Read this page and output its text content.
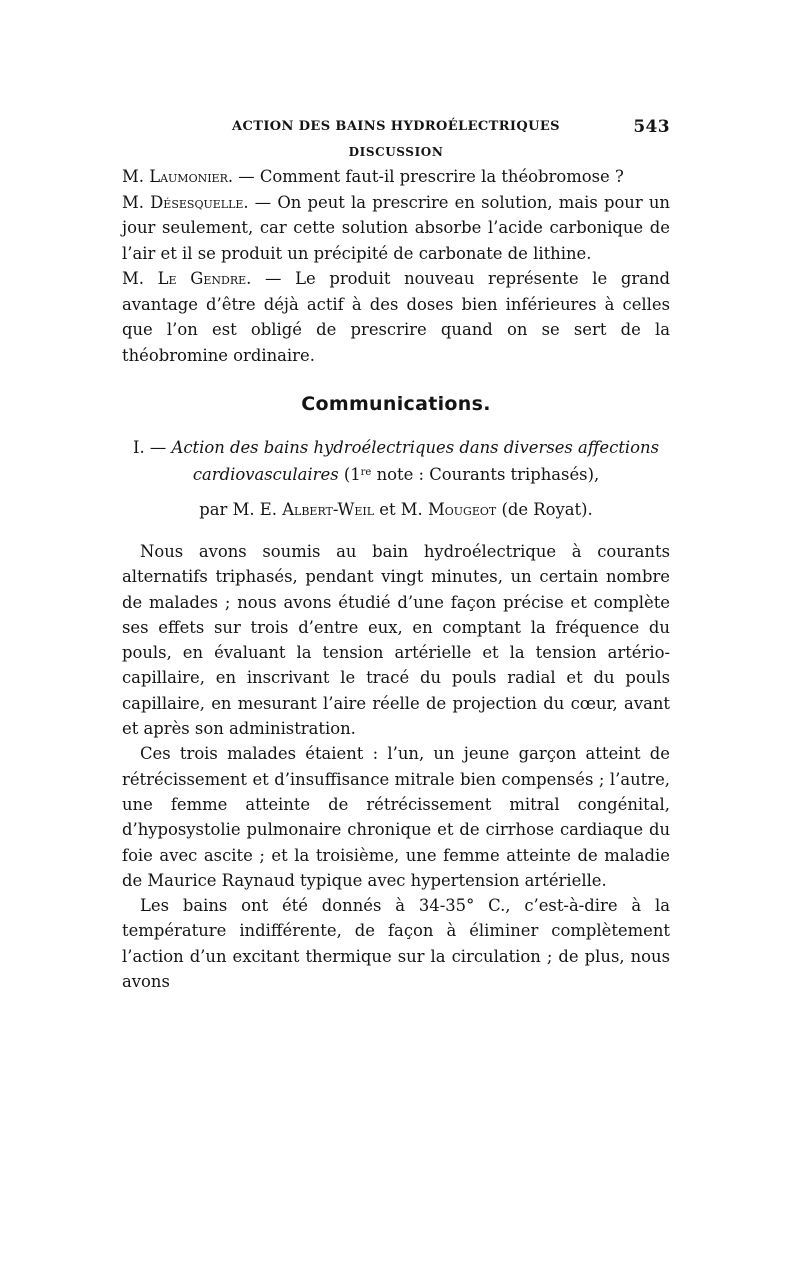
ACTION DES BAINS HYDROÉLECTRIQUES	543
DISCUSSION

M. Laumonier. — Comment faut-il prescrire la théobromose ?

M. Désesquelle. — On peut la prescrire en solution, mais pour un jour seulement, car cette solution absorbe l’acide carbonique de l’air et il se produit un précipité de carbonate de lithine.

M. Le Gendre. — Le produit nouveau représente le grand avantage d’être déjà actif à des doses bien inférieures à celles que l’on est obligé de prescrire quand on se sert de la théobromine ordinaire.

Communications.

I. — Action des bains hydroélectriques dans diverses affections
cardiovasculaires (1re note : Courants triphasés),

par M. E. Albert-Weil et M. Mougeot (de Royat).

Nous avons soumis au bain hydroélectrique à courants alternatifs triphasés, pendant vingt minutes, un certain nombre de malades ; nous avons étudié d’une façon précise et complète ses effets sur trois d’entre eux, en comptant la fréquence du pouls, en évaluant la tension artérielle et la tension artério-capillaire, en inscrivant le tracé du pouls radial et du pouls capillaire, en mesurant l’aire réelle de projection du cœur, avant et après son administration.

Ces trois malades étaient : l’un, un jeune garçon atteint de rétrécissement et d’insuffisance mitrale bien compensés ; l’autre, une femme atteinte de rétrécissement mitral congénital, d’hyposystolie pulmonaire chronique et de cirrhose cardiaque du foie avec ascite ; et la troisième, une femme atteinte de maladie de Maurice Raynaud typique avec hypertension artérielle.

Les bains ont été donnés à 34-35° C., c’est-à-dire à la température indifférente, de façon à éliminer complètement l’action d’un excitant thermique sur la circulation ; de plus, nous avons
